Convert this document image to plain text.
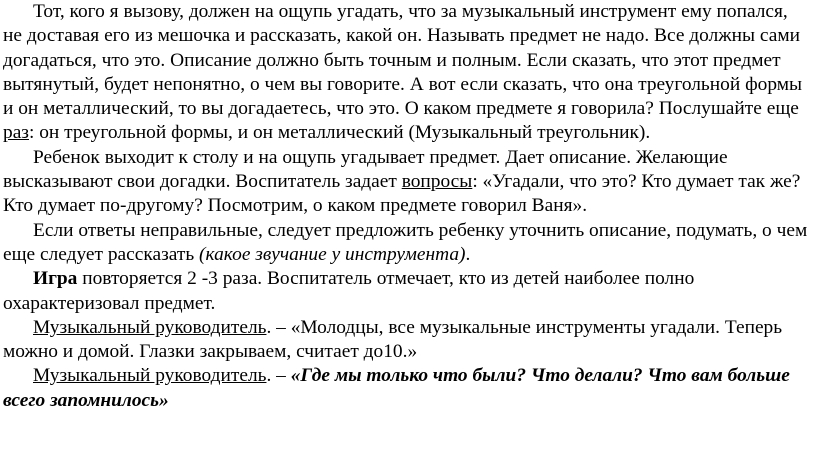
Тот, кого я вызову, должен на ощупь угадать, что за музыкальный инструмент ему попался, не доставая его из мешочка и рассказать, какой он. Называть предмет не надо. Все должны сами догадаться, что это. Описание должно быть точным и полным. Если сказать, что этот предмет вытянутый, будет непонятно, о чем вы говорите. А вот если сказать, что она треугольной формы и он металлический, то вы догадаетесь, что это. О каком предмете я говорила? Послушайте еще раз: он треугольной формы, и он металлический (Музыкальный треугольник).

Ребенок выходит к столу и на ощупь угадывает предмет. Дает описание. Желающие высказывают свои догадки. Воспитатель задает вопросы: «Угадали, что это? Кто думает так же? Кто думает по-другому? Посмотрим, о каком предмете говорил Ваня».

Если ответы неправильные, следует предложить ребенку уточнить описание, подумать, о чем еще следует рассказать (какое звучание у инструмента).

Игра повторяется 2 -3 раза. Воспитатель отмечает, кто из детей наиболее полно охарактеризовал предмет.

Музыкальный руководитель. – «Молодцы, все музыкальные инструменты угадали. Теперь можно и домой. Глазки закрываем, считает до10.»

Музыкальный руководитель. – «Где мы только что были? Что делали? Что вам больше всего запомнилось»
